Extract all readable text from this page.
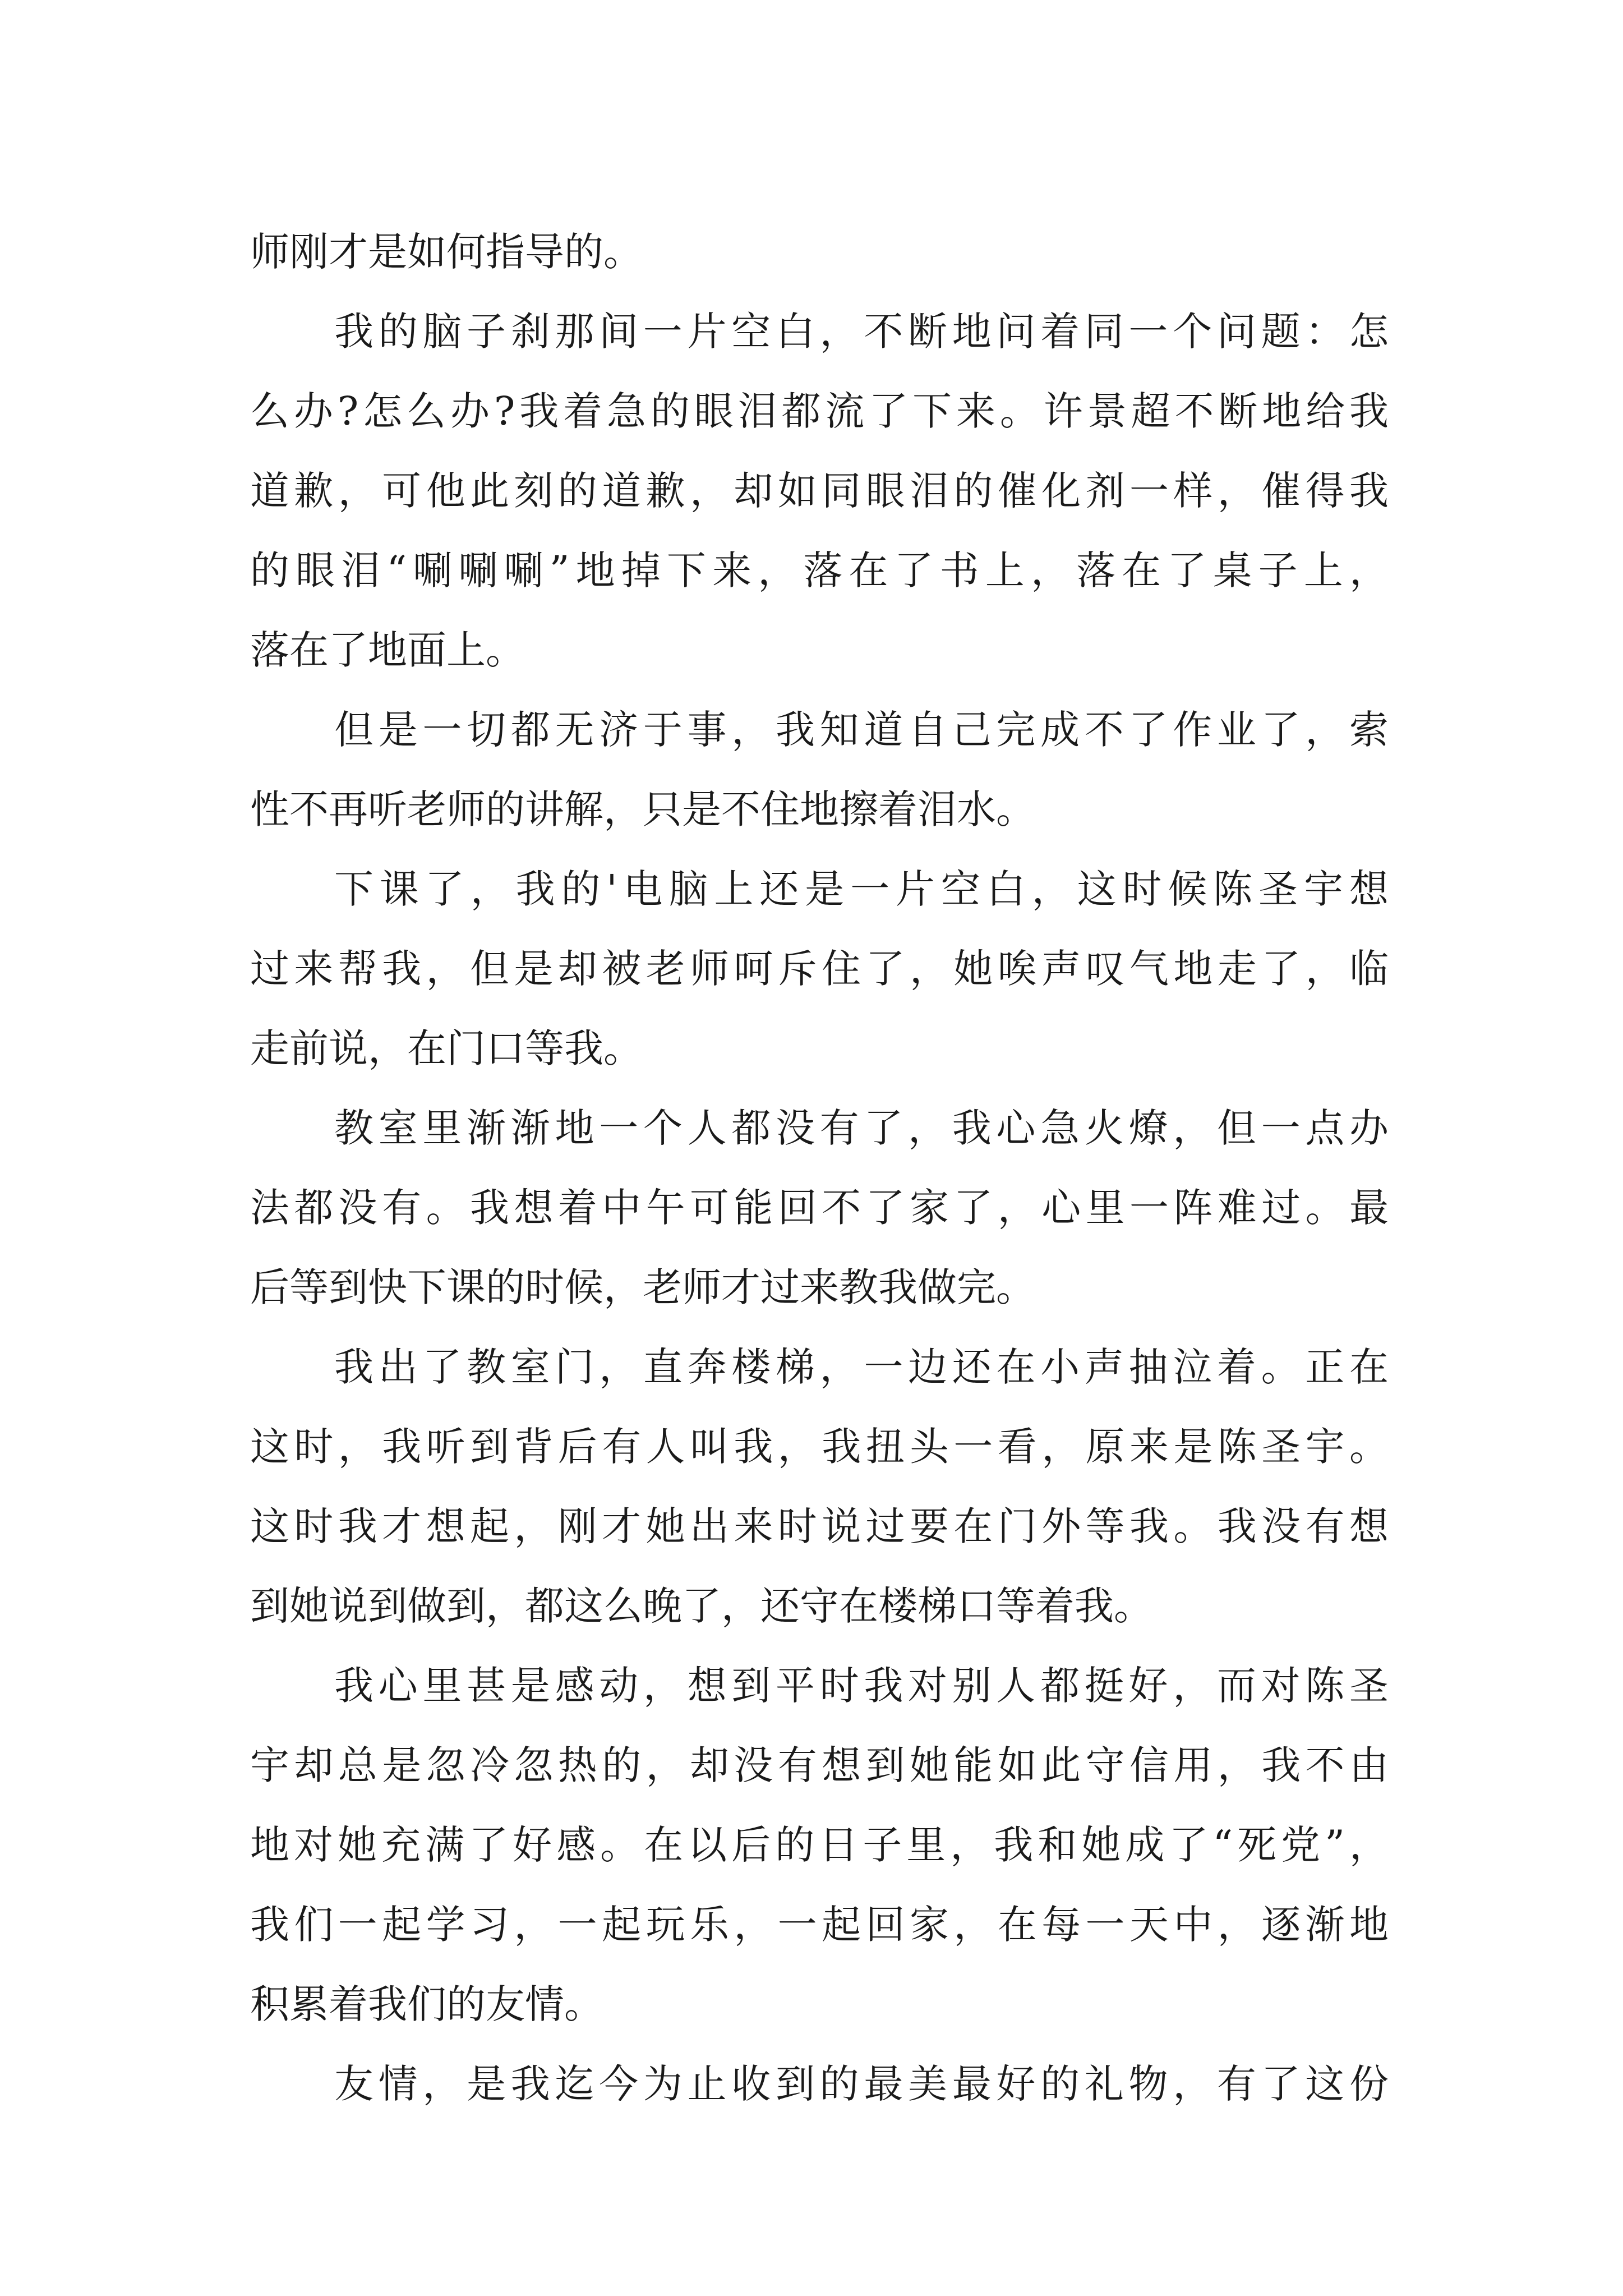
师刚才是如何指导的。
我的脑子刹那间一片空白，不断地问着同一个问题：怎
么办?怎么办?我着急的眼泪都流了下来。许景超不断地给我
道歉，可他此刻的道歉，却如同眼泪的催化剂一样，催得我
的眼泪“唰唰唰”地掉下来，落在了书上，落在了桌子上，
落在了地面上。
但是一切都无济于事，我知道自己完成不了作业了，索
性不再听老师的讲解，只是不住地擦着泪水。
下课了，我的'电脑上还是一片空白，这时候陈圣宇想
过来帮我，但是却被老师呵斥住了，她唉声叹气地走了，临
走前说，在门口等我。
教室里渐渐地一个人都没有了，我心急火燎，但一点办
法都没有。我想着中午可能回不了家了，心里一阵难过。最
后等到快下课的时候，老师才过来教我做完。
我出了教室门，直奔楼梯，一边还在小声抽泣着。正在
这时，我听到背后有人叫我，我扭头一看，原来是陈圣宇。
这时我才想起，刚才她出来时说过要在门外等我。我没有想
到她说到做到，都这么晚了，还守在楼梯口等着我。
我心里甚是感动，想到平时我对别人都挺好，而对陈圣
宇却总是忽冷忽热的，却没有想到她能如此守信用，我不由
地对她充满了好感。在以后的日子里，我和她成了“死党”，
我们一起学习，一起玩乐，一起回家，在每一天中，逐渐地
积累着我们的友情。
友情，是我迄今为止收到的最美最好的礼物，有了这份
